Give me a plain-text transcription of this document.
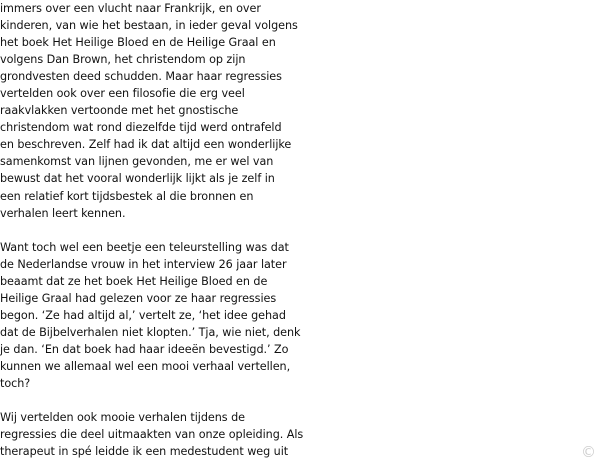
immers over een vlucht naar Frankrijk, en over
kinderen, van wie het bestaan, in ieder geval volgens
het boek Het Heilige Bloed en de Heilige Graal en
volgens Dan Brown, het christendom op zijn
grondvesten deed schudden. Maar haar regressies
vertelden ook over een filosofie die erg veel
raakvlakken vertoonde met het gnostische
christendom wat rond diezelfde tijd werd ontrafeld
en beschreven. Zelf had ik dat altijd een wonderlijke
samenkomst van lijnen gevonden, me er wel van
bewust dat het vooral wonderlijk lijkt als je zelf in
een relatief kort tijdsbestek al die bronnen en
verhalen leert kennen.

Want toch wel een beetje een teleurstelling was dat
de Nederlandse vrouw in het interview 26 jaar later
beaamt dat ze het boek Het Heilige Bloed en de
Heilige Graal had gelezen voor ze haar regressies
begon. ‘Ze had altijd al,’ vertelt ze, ‘het idee gehad
dat de Bijbelverhalen niet klopten.’ Tja, wie niet, denk
je dan. ‘En dat boek had haar ideeën bevestigd.’ Zo
kunnen we allemaal wel een mooi verhaal vertellen,
toch?

Wij vertelden ook mooie verhalen tijdens de
regressies die deel uitmaakten van onze opleiding. Als
therapeut in spé leidde ik een medestudent weg uit	©
